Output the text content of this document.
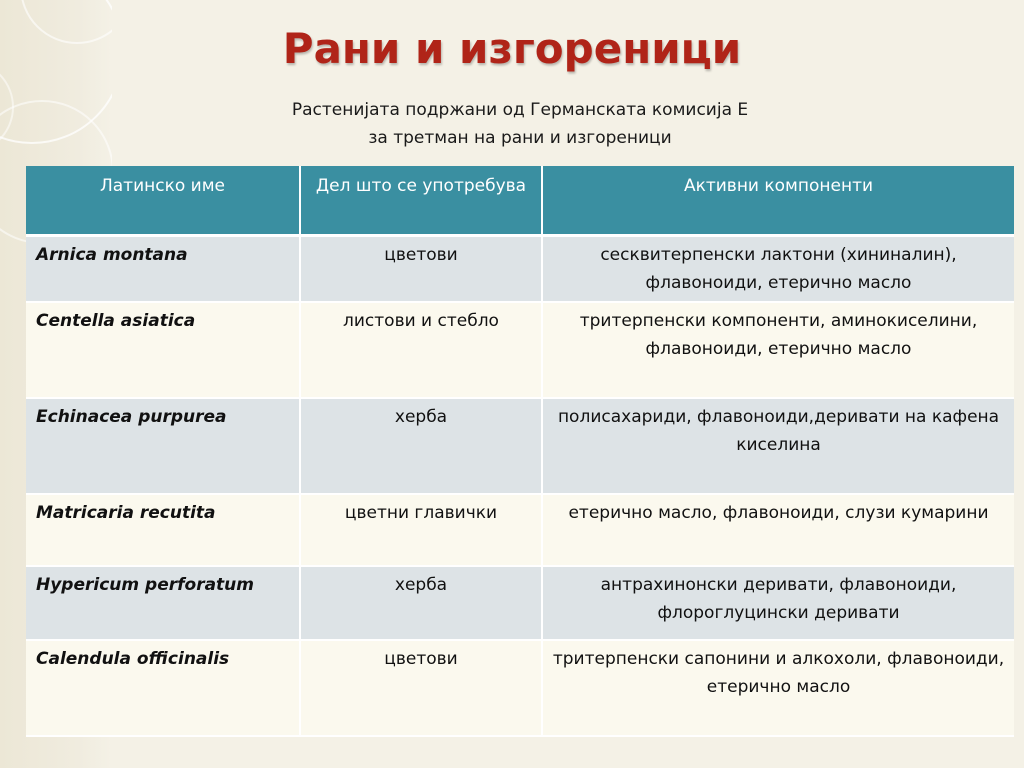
Рани и изгореници
Растенијата подржани од Германската комисија Е
за третман на рани и изгореници
Латинско име	Дел што се употребува	Активни компоненти
Arnica montana	цветови	сесквитерпенски лактони (хининалин), флавоноиди, етерично масло
Centella asiatica	листови и стебло	тритерпенски компоненти, аминокиселини, флавоноиди, етерично масло
Echinacea purpurea	херба	полисахариди, флавоноиди,деривати на кафена киселина
Matricaria recutita	цветни главички	етерично масло, флавоноиди, слузи кумарини
Hypericum perforatum	херба	антрахинонски деривати, флавоноиди, флороглуцински деривати
Calendula officinalis	цветови	тритерпенски сапонини и алкохоли, флавоноиди, етерично масло
